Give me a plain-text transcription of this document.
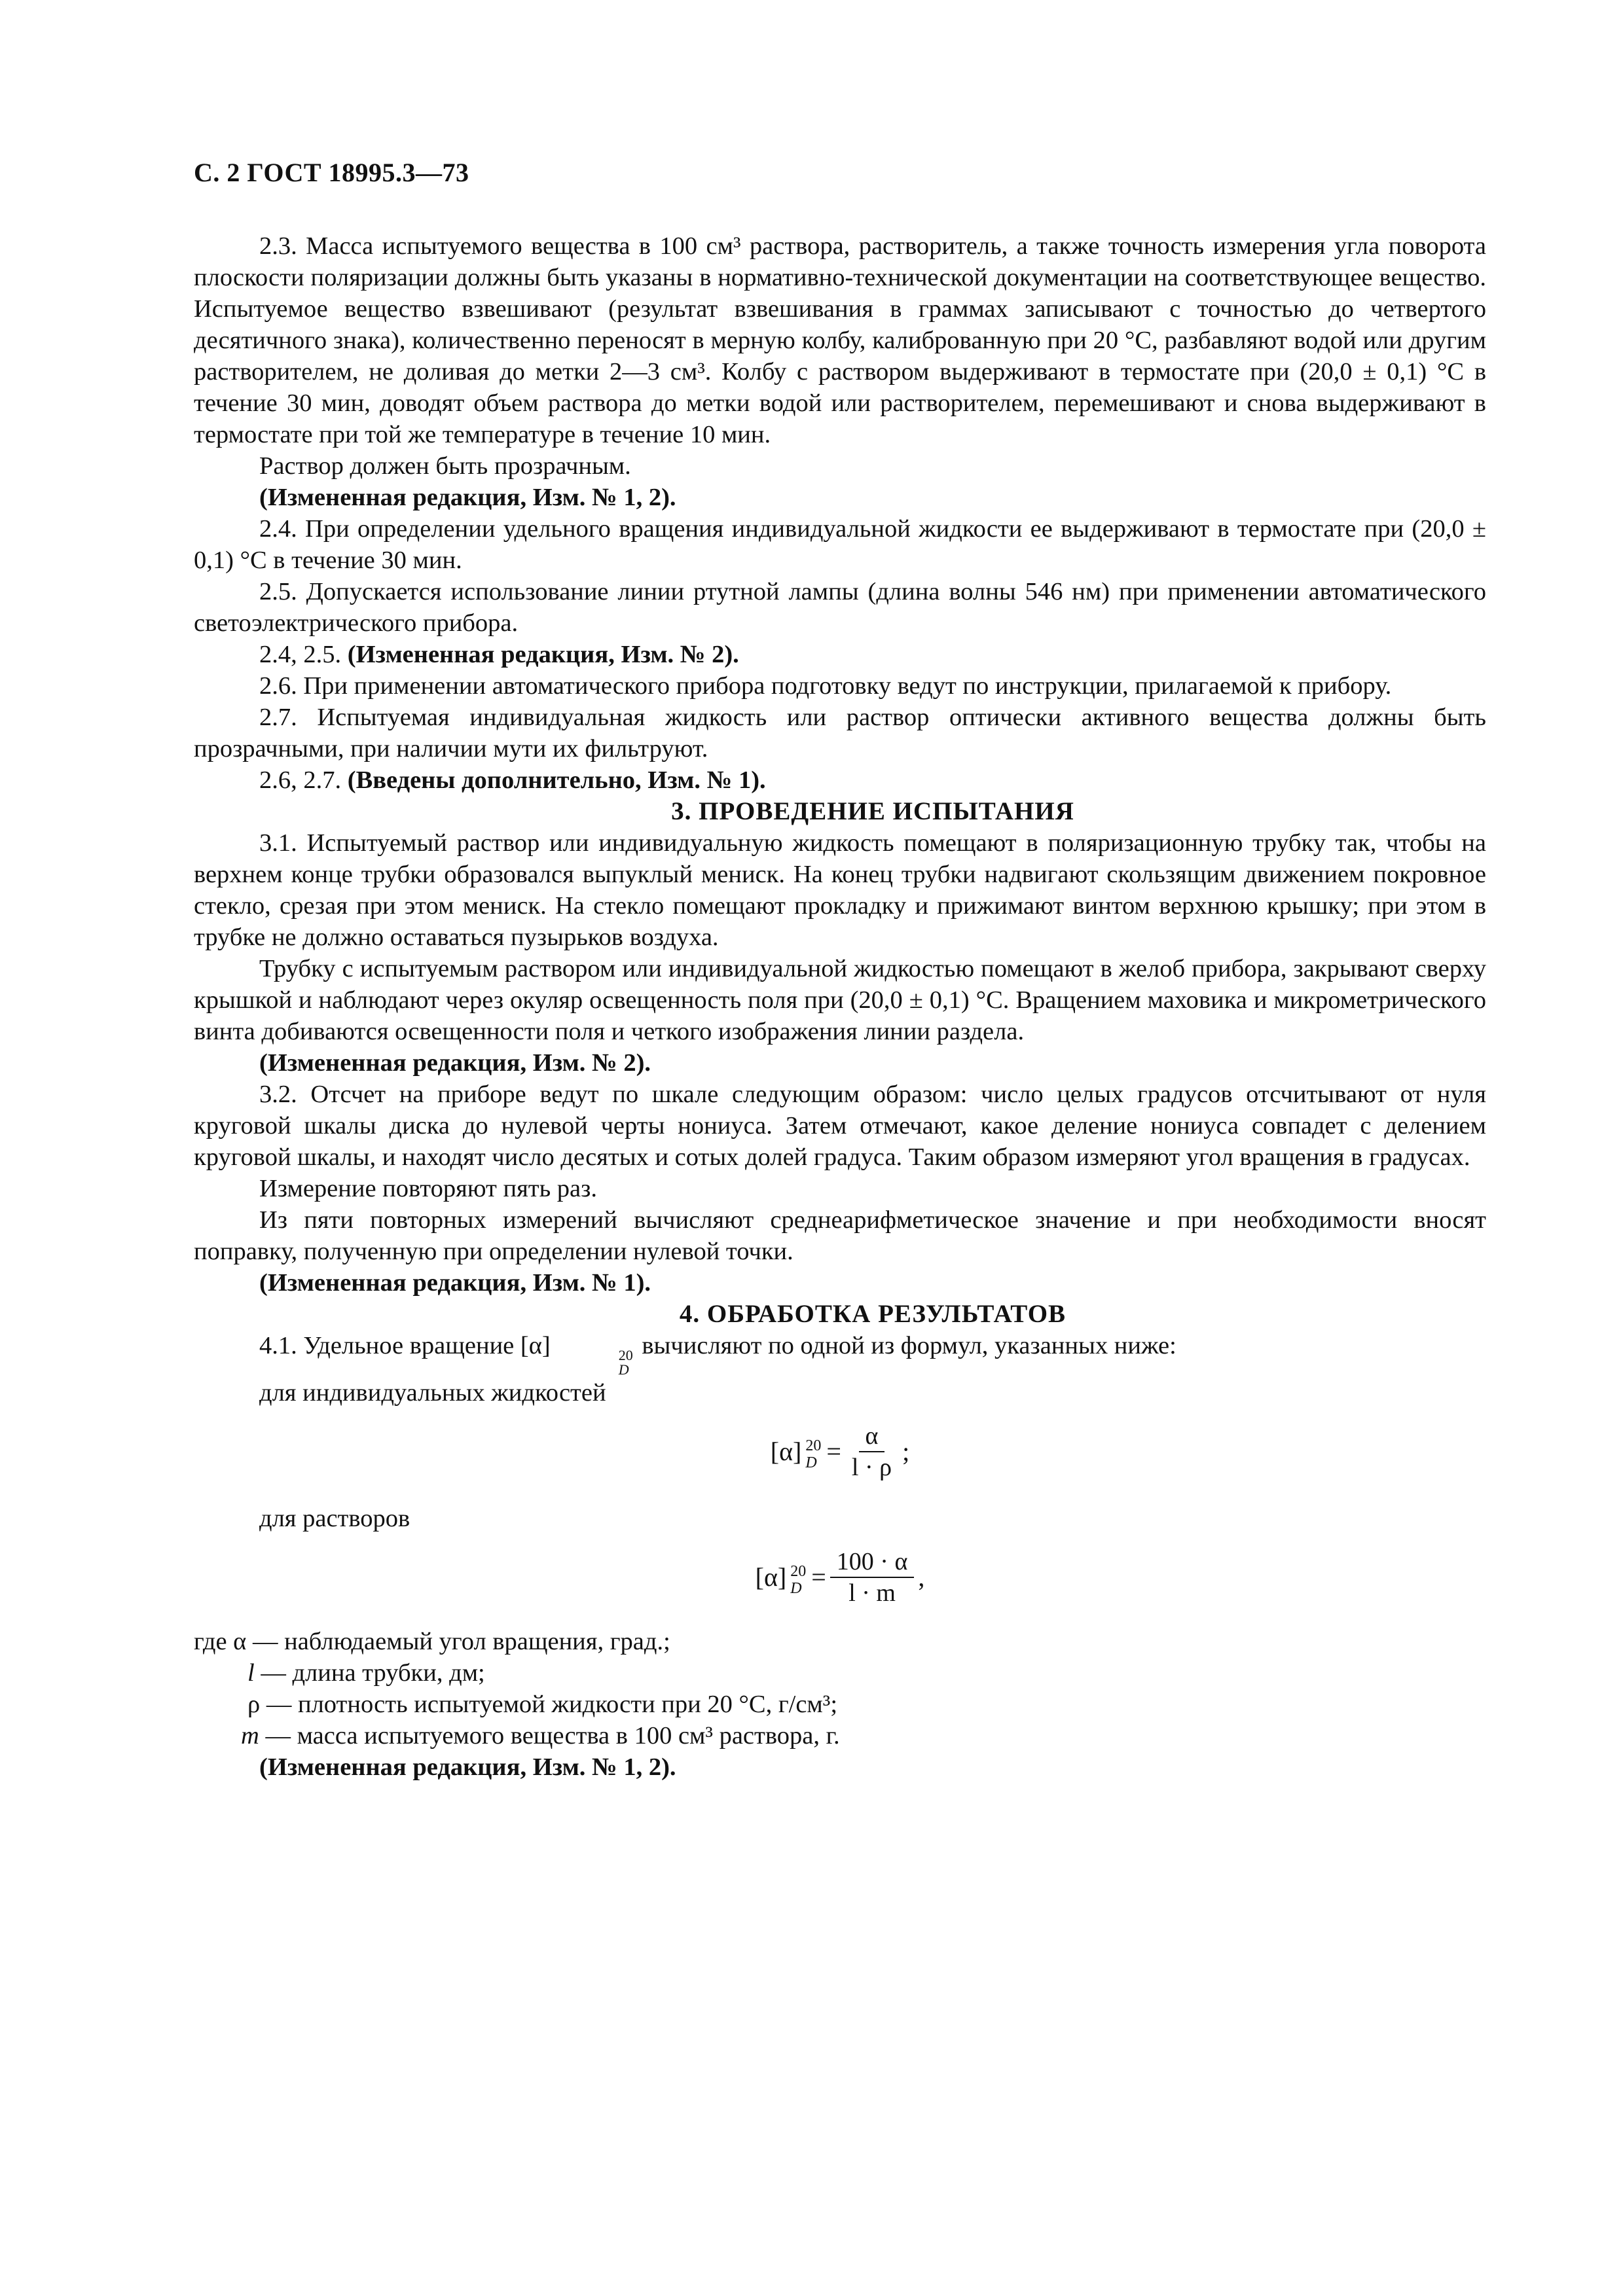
С. 2 ГОСТ 18995.3—73

2.3. Масса испытуемого вещества в 100 см³ раствора, растворитель, а также точность измерения угла поворота плоскости поляризации должны быть указаны в нормативно-технической документации на соответствующее вещество. Испытуемое вещество взвешивают (результат взвешивания в граммах записывают с точностью до четвертого десятичного знака), количественно переносят в мерную колбу, калиброванную при 20 °С, разбавляют водой или другим растворителем, не доливая до метки 2—3 см³. Колбу с раствором выдерживают в термостате при (20,0 ± 0,1) °С в течение 30 мин, доводят объем раствора до метки водой или растворителем, перемешивают и снова выдерживают в термостате при той же температуре в течение 10 мин.

Раствор должен быть прозрачным.

(Измененная редакция, Изм. № 1, 2).

2.4. При определении удельного вращения индивидуальной жидкости ее выдерживают в термостате при (20,0 ± 0,1) °С в течение 30 мин.

2.5. Допускается использование линии ртутной лампы (длина волны 546 нм) при применении автоматического светоэлектрического прибора.

2.4, 2.5. (Измененная редакция, Изм. № 2).

2.6. При применении автоматического прибора подготовку ведут по инструкции, прилагаемой к прибору.

2.7. Испытуемая индивидуальная жидкость или раствор оптически активного вещества должны быть прозрачными, при наличии мути их фильтруют.

2.6, 2.7. (Введены дополнительно, Изм. № 1).

3. ПРОВЕДЕНИЕ ИСПЫТАНИЯ

3.1. Испытуемый раствор или индивидуальную жидкость помещают в поляризационную трубку так, чтобы на верхнем конце трубки образовался выпуклый мениск. На конец трубки надвигают скользящим движением покровное стекло, срезая при этом мениск. На стекло помещают прокладку и прижимают винтом верхнюю крышку; при этом в трубке не должно оставаться пузырьков воздуха.

Трубку с испытуемым раствором или индивидуальной жидкостью помещают в желоб прибора, закрывают сверху крышкой и наблюдают через окуляр освещенность поля при (20,0 ± 0,1) °С. Вращением маховика и микрометрического винта добиваются освещенности поля и четкого изображения линии раздела.

(Измененная редакция, Изм. № 2).

3.2. Отсчет на приборе ведут по шкале следующим образом: число целых градусов отсчитывают от нуля круговой шкалы диска до нулевой черты нониуса. Затем отмечают, какое деление нониуса совпадет с делением круговой шкалы, и находят число десятых и сотых долей градуса. Таким образом измеряют угол вращения в градусах.

Измерение повторяют пять раз.

Из пяти повторных измерений вычисляют среднеарифметическое значение и при необходимости вносят поправку, полученную при определении нулевой точки.

(Измененная редакция, Изм. № 1).

4. ОБРАБОТКА РЕЗУЛЬТАТОВ

4.1. Удельное вращение [α]	20
D
вычисляют по одной из формул, указанных ниже:

для индивидуальных жидкостей

[α] 20
$D = \frac{\alpha}{l \cdot \rho}$ ;

для растворов

[α] 20
$D = \frac{100 \cdot \alpha}{l \cdot m}$ ,

где α — наблюдаемый угол вращения, град.;

l — длина трубки, дм;

ρ — плотность испытуемой жидкости при 20 °С, г/см³;

m — масса испытуемого вещества в 100 см³ раствора, г.

(Измененная редакция, Изм. № 1, 2).
